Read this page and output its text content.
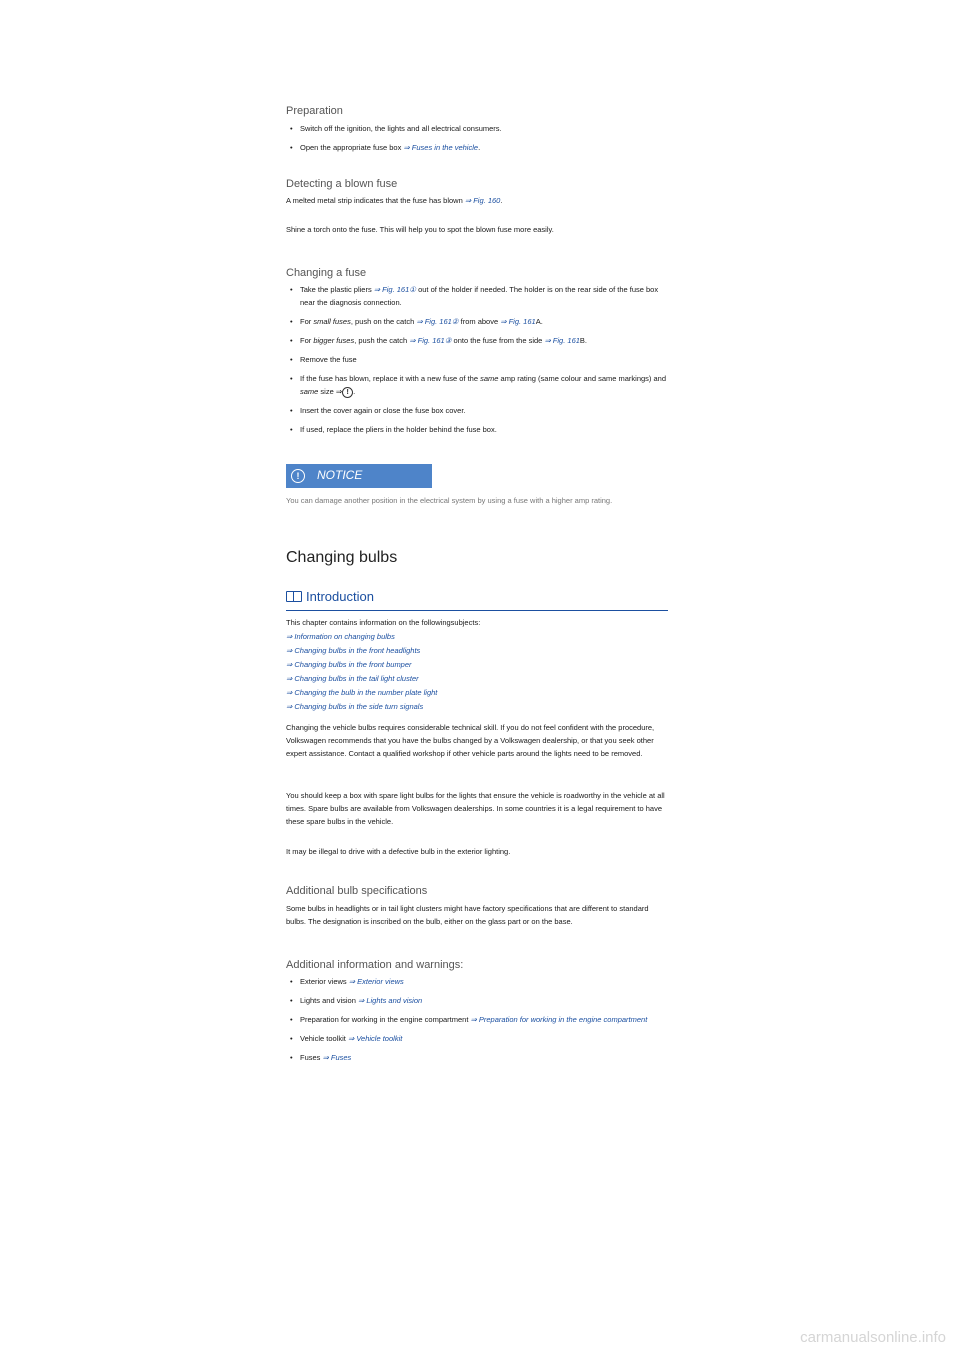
Preparation
• Switch off the ignition, the lights and all electrical consumers.
• Open the appropriate fuse box ⇒ Fuses in the vehicle.
Detecting a blown fuse

A melted metal strip indicates that the fuse has blown ⇒ Fig. 160.

Shine a torch onto the fuse. This will help you to spot the blown fuse more easily.

Changing a fuse
• Take the plastic pliers ⇒ Fig. 161① out of the holder if needed. The holder is on the rear side of the fuse box near the diagnosis connection.
• For small fuses, push on the catch ⇒ Fig. 161② from above ⇒ Fig. 161A.
• For bigger fuses, push the catch ⇒ Fig. 161③ onto the fuse from the side ⇒ Fig. 161B.
• Remove the fuse
• If the fuse has blown, replace it with a new fuse of the same amp rating (same colour and same markings) and same size ⇒ ! .
• Insert the cover again or close the fuse box cover.
• If used, replace the pliers in the holder behind the fuse box.
!	NOTICE

You can damage another position in the electrical system by using a fuse with a higher amp rating.

Changing bulbs
Introduction

This chapter contains information on the followingsubjects:

⇒ Information on changing bulbs

⇒ Changing bulbs in the front headlights

⇒ Changing bulbs in the front bumper

⇒ Changing bulbs in the tail light cluster

⇒ Changing the bulb in the number plate light

⇒ Changing bulbs in the side turn signals

Changing the vehicle bulbs requires considerable technical skill. If you do not feel confident with the procedure, Volkswagen recommends that you have the bulbs changed by a Volkswagen dealership, or that you seek other expert assistance. Contact a qualified workshop if other vehicle parts around the lights need to be removed.

You should keep a box with spare light bulbs for the lights that ensure the vehicle is roadworthy in the vehicle at all times. Spare bulbs are available from Volkswagen dealerships. In some countries it is a legal requirement to have these spare bulbs in the vehicle.

It may be illegal to drive with a defective bulb in the exterior lighting.

Additional bulb specifications

Some bulbs in headlights or in tail light clusters might have factory specifications that are different to standard bulbs. The designation is inscribed on the bulb, either on the glass part or on the base.

Additional information and warnings:
• Exterior views ⇒ Exterior views
• Lights and vision ⇒ Lights and vision
• Preparation for working in the engine compartment ⇒ Preparation for working in the engine compartment
• Vehicle toolkit ⇒ Vehicle toolkit
• Fuses ⇒ Fuses
carmanualsonline.info
